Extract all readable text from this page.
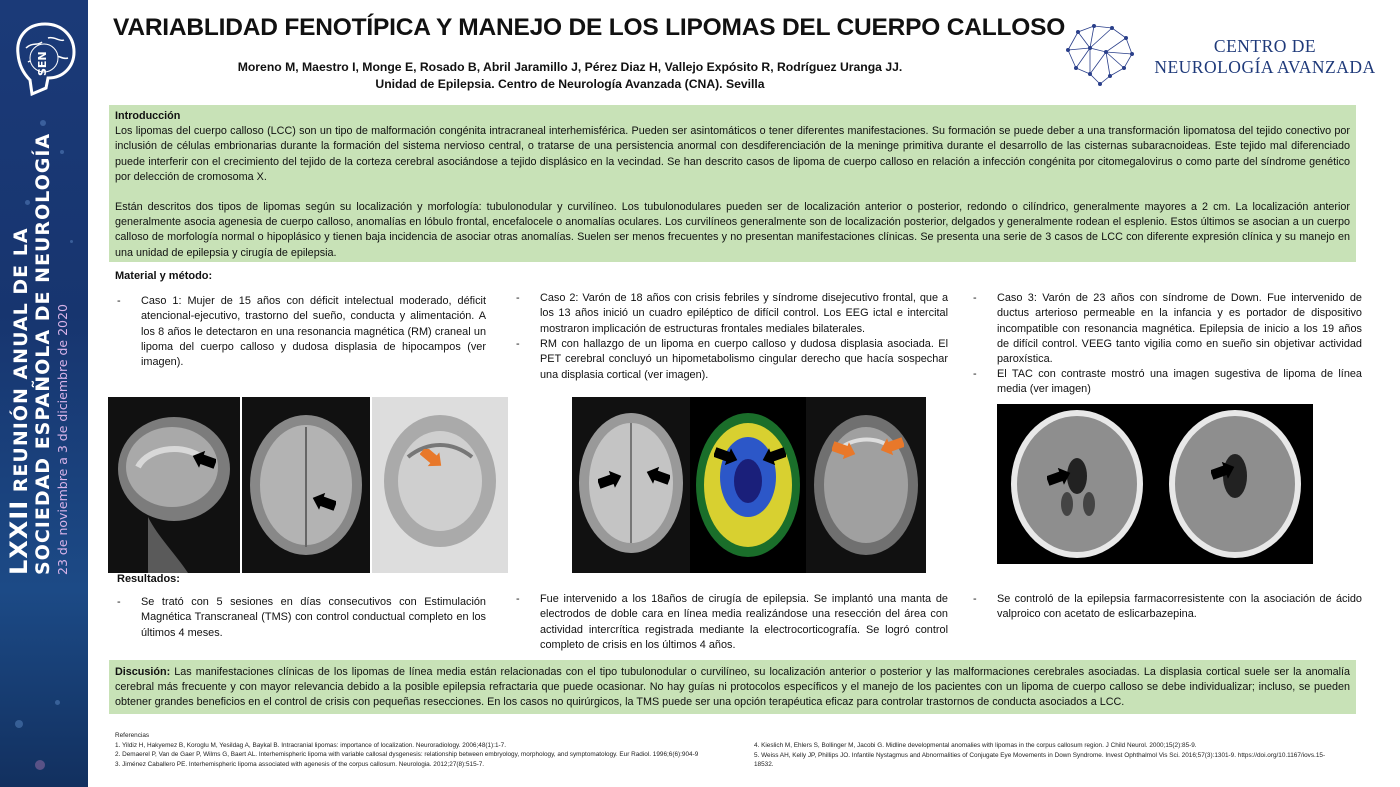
SEN
LXXII REUNIÓN ANUAL DE LA SOCIEDAD ESPAÑOLA DE NEUROLOGÍA 23 de noviembre a 3 de diciembre de 2020
VARIABLIDAD FENOTÍPICA Y MANEJO DE LOS LIPOMAS DEL CUERPO CALLOSO
Moreno M, Maestro I, Monge E, Rosado B, Abril Jaramillo J, Pérez Diaz H, Vallejo Expósito R, Rodríguez Uranga JJ.
Unidad de Epilepsia. Centro de Neurología Avanzada (CNA). Sevilla
CENTRO DE
NEUROLOGÍA AVANZADA

Introducción

Los lipomas del cuerpo calloso (LCC) son un tipo de malformación congénita intracraneal interhemisférica. Pueden ser asintomáticos o tener diferentes manifestaciones. Su formación se puede deber a una transformación lipomatosa del tejido conectivo por inclusión de células embrionarias durante la formación del sistema nervioso central, o tratarse de una persistencia anormal con desdiferenciación de la meninge primitiva durante el desarrollo de las cisternas subaracnoideas. Este tejido mal diferenciado puede interferir con el crecimiento del tejido de la corteza cerebral asociándose a tejido displásico en la vecindad. Se han descrito casos de lipoma de cuerpo calloso en relación a infección congénita por citomegalovirus o como parte del síndrome genético por delección de cromosoma X.

Están descritos dos tipos de lipomas según su localización y morfología: tubulonodular y curvilíneo. Los tubulonodulares pueden ser de localización anterior o posterior, redondo o cilíndrico, generalmente mayores a 2 cm. La localización anterior generalmente asocia agenesia de cuerpo calloso, anomalías en lóbulo frontal, encefalocele o anomalías oculares. Los curvilíneos generalmente son de localización posterior, delgados y generalmente rodean el esplenio. Estos últimos se asocian a un cuerpo calloso de morfología normal o hipoplásico y tienen baja incidencia de asociar otras anomalías. Suelen ser menos frecuentes y no presentan manifestaciones clínicas. Se presenta una serie de 3 casos de LCC con diferente expresión clínica y su manejo en una unidad de epilepsia y cirugía de epilepsia.

Material y método:
- Caso 1: Mujer de 15 años con déficit intelectual moderado, déficit atencional-ejecutivo, trastorno del sueño, conducta y alimentación. A los 8 años le detectaron en una resonancia magnética (RM) craneal un lipoma del cuerpo calloso y dudosa displasia de hipocampos (ver imagen).
- Caso 2: Varón de 18 años con crisis febriles y síndrome disejecutivo frontal, que a los 13 años inició un cuadro epiléptico de difícil control. Los EEG ictal e intercital mostraron implicación de estructuras frontales mediales bilaterales.
- RM con hallazgo de un lipoma en cuerpo calloso y dudosa displasia asociada. El PET cerebral concluyó un hipometabolismo cingular derecho que hacía sospechar una displasia cortical (ver imagen).
- Caso 3: Varón de 23 años con síndrome de Down. Fue intervenido de ductus arterioso permeable en la infancia y es portador de dispositivo incompatible con resonancia magnética. Epilepsia de inicio a los 19 años de difícil control. VEEG tanto vigilia como en sueño sin objetivar actividad paroxística.
- El TAC con contraste mostró una imagen sugestiva de lipoma de línea media (ver imagen)
Resultados:
- Se trató con 5 sesiones en días consecutivos con Estimulación Magnética Transcraneal (TMS) con control conductual completo en los últimos 4 meses.
- Fue intervenido a los 18años de cirugía de epilepsia. Se implantó una manta de electrodos de doble cara en línea media realizándose una resección del área con actividad intercrítica registrada mediante la electrocorticografía. Se logró control completo de crisis en los últimos 4 años.
- Se controló de la epilepsia farmacorresistente con la asociación de ácido valproico con acetato de eslicarbazepina.
Discusión: Las manifestaciones clínicas de los lipomas de línea media están relacionadas con el tipo tubulonodular o curvilíneo, su localización anterior o posterior y las malformaciones cerebrales asociadas. La displasia cortical suele ser la anomalía cerebral más frecuente y con mayor relevancia debido a la posible epilepsia refractaria que puede ocasionar. No hay guías ni protocolos específicos y el manejo de los pacientes con un lipoma de cuerpo calloso se debe individualizar; incluso, se pueden obtener grandes beneficios en el control de crisis con pequeñas resecciones. En los casos no quirúrgicos, la TMS puede ser una opción terapéutica eficaz para controlar trastornos de conducta asociados a LCC.
Referencias
1. Yildiz H, Hakyemez B, Koroglu M, Yesildag A, Baykal B. Intracranial lipomas: importance of localization. Neuroradiology. 2006;48(1):1-7.
2. Demaerel P, Van de Gaer P, Wilms G, Baert AL. Interhemispheric lipoma with variable callosal dysgenesis: relationship between embryology, morphology, and symptomatology. Eur Radiol. 1996;6(6):904-9
3. Jiménez Caballero PE. Interhemispheric lipoma associated with agenesis of the corpus callosum. Neurologia. 2012;27(8):515-7.
4. Kieslich M, Ehlers S, Bollinger M, Jacobi G. Midline developmental anomalies with lipomas in the corpus callosum region. J Child Neurol. 2000;15(2):85-9.
5. Weiss AH, Kelly JP, Phillips JO. Infantile Nystagmus and Abnormalities of Conjugate Eye Movements in Down Syndrome. Invest Ophthalmol Vis Sci. 2016;57(3):1301-9. https://doi.org/10.1167/iovs.15-18532.
